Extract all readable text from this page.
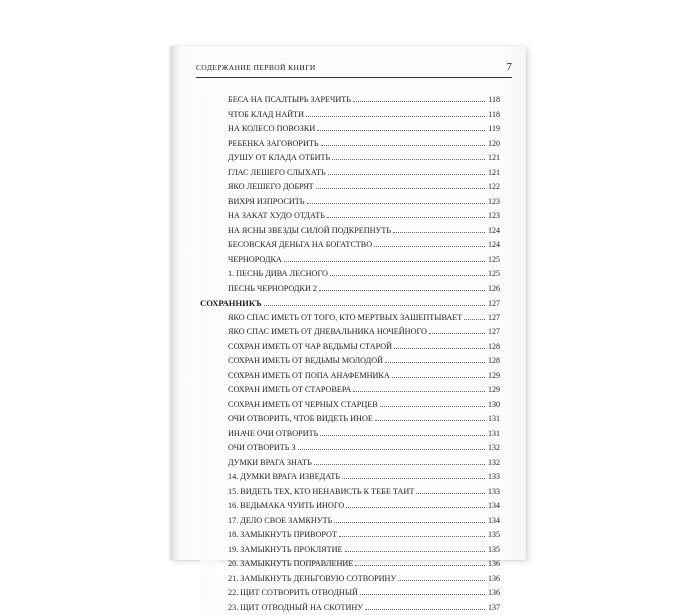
СОДЕРЖАНИЕ ПЕРВОЙ КНИГИ	7
БЕСА НА ПСАЛТЫРЬ ЗАРЕЧИТЬ	118
ЧТОБ КЛАД НАЙТИ	118
НА КОЛЕСО ПОВОЗКИ	119
РЕБЕНКА ЗАГОВОРИТЬ	120
ДУШУ ОТ КЛАДА ОТБИТЬ	121
ГЛАС ЛЕШЕГО СЛЫХАТЬ	121
ЯКО ЛЕШЕГО ДОБРЯТ	122
ВИХРЯ ИЗПРОСИТЬ	123
НА ЗАКАТ ХУДО ОТДАТЬ	123
НА ЯСНЫ ЗВЕЗДЫ СИЛОЙ ПОДКРЕПНУТЬ	124
БЕСОВСКАЯ ДЕНЬГА НА БОГАТСТВО	124
ЧЕРНОРОДКА	125
1. ПЕСНЬ ДИВА ЛЕСНОГО	125
ПЕСНЬ ЧЕРНОРОДКИ 2	126
СОХРАННИКЪ	127
ЯКО СПАС ИМЕТЬ ОТ ТОГО, КТО МЕРТВЫХ ЗАШЕПТЫВАЕТ	127
ЯКО СПАС ИМЕТЬ ОТ ДНЕВАЛЬНИКА НОЧЕЙНОГО	127
СОХРАН ИМЕТЬ ОТ ЧАР ВЕДЬМЫ СТАРОЙ	128
СОХРАН ИМЕТЬ ОТ ВЕДЬМЫ МОЛОДОЙ	128
СОХРАН ИМЕТЬ ОТ ПОПА АНАФЕМНИКА	129
СОХРАН ИМЕТЬ ОТ СТАРОВЕРА	129
СОХРАН ИМЕТЬ ОТ ЧЕРНЫХ СТАРЦЕВ	130
ОЧИ ОТВОРИТЬ, ЧТОБ ВИДЕТЬ ИНОЕ	131
ИНАЧЕ ОЧИ ОТВОРИТЬ	131
ОЧИ ОТВОРИТЬ 3	132
ДУМКИ ВРАГА ЗНАТЬ	132
14. ДУМКИ ВРАГА ИЗВЕДАТЬ	133
15. ВИДЕТЬ ТЕХ, КТО НЕНАВИСТЬ К ТЕБЕ ТАИТ	133
16. ВЕДЬМАКА ЧУИТЬ ИНОГО	134
17. ДЕЛО СВОЕ ЗАМКНУТЬ	134
18. ЗАМЫКНУТЬ ПРИВОРОТ	135
19. ЗАМЫКНУТЬ ПРОКЛЯТИЕ	135
20. ЗАМЫКНУТЬ ПОПРАВЛЕНИЕ	136
21. ЗАМЫКНУТЬ ДЕНЬГОВУЮ СОТВОРИНУ	136
22. ЩИТ СОТВОРИТЬ ОТВОДНЫЙ	136
23. ЩИТ ОТВОДНЫЙ НА СКОТИНУ	137
